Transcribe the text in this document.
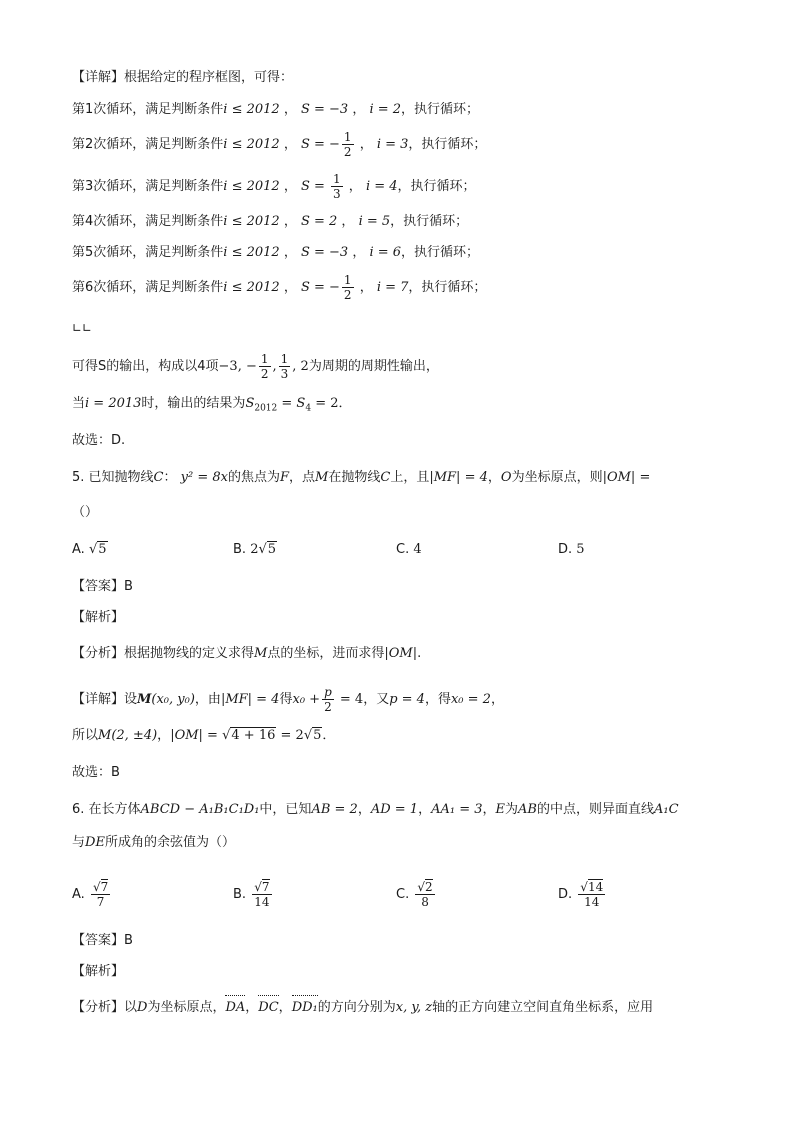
【详解】根据给定的程序框图，可得：
第1次循环，满足判断条件i ≤ 2012 ， S = −3 ， i = 2，执行循环；
第2次循环，满足判断条件i ≤ 2012 ， S = − $\frac{1}{2}$ ， i = 3，执行循环；
第3次循环，满足判断条件i ≤ 2012 ， $S = \frac{1}{3}$ ， i = 4，执行循环；
第4次循环，满足判断条件i ≤ 2012 ， S = 2 ， i = 5，执行循环；
第5次循环，满足判断条件i ≤ 2012 ， S = −3 ， i = 6，执行循环；
第6次循环，满足判断条件i ≤ 2012 ， S = − $\frac{1}{2}$ ， i = 7，执行循环；
∟∟
可得S的输出，构成以4项−3, − $\frac{1}{2}$ , $\frac{1}{3}$ , 2为周期的周期性输出，
当i = 2013时，输出的结果为$S_{2012} = S_4 = 2$．
故选：D.
5. 已知抛物线C： y² = 8x的焦点为F，点M在抛物线C上，且|MF| = 4，O为坐标原点，则|OM| =
（）
A. √5	B. 2√5	C. 4	D. 5
【答案】B
【解析】
【分析】根据抛物线的定义求得M点的坐标，进而求得|OM|.
【详解】设M(x₀, y₀)，由|MF| = 4得$x_0 + \frac{p}{2} = 4$，又p = 4，得x₀ = 2，
所以M(2, ±4)，|OM| = √4 + 16 = 2√5．
故选：B
6. 在长方体ABCD − A₁B₁C₁D₁中，已知AB = 2，AD = 1，AA₁ = 3，E为AB的中点，则异面直线A₁C
与DE所成角的余弦值为（）
A. $\frac{√7}{7}$	B. $\frac{√7}{14}$	C. $\frac{√2}{8}$	D. $\frac{√14}{14}$
【答案】B
【解析】
【分析】以D为坐标原点，DA，DC，DD₁的方向分别为x, y, z轴的正方向建立空间直角坐标系，应用
